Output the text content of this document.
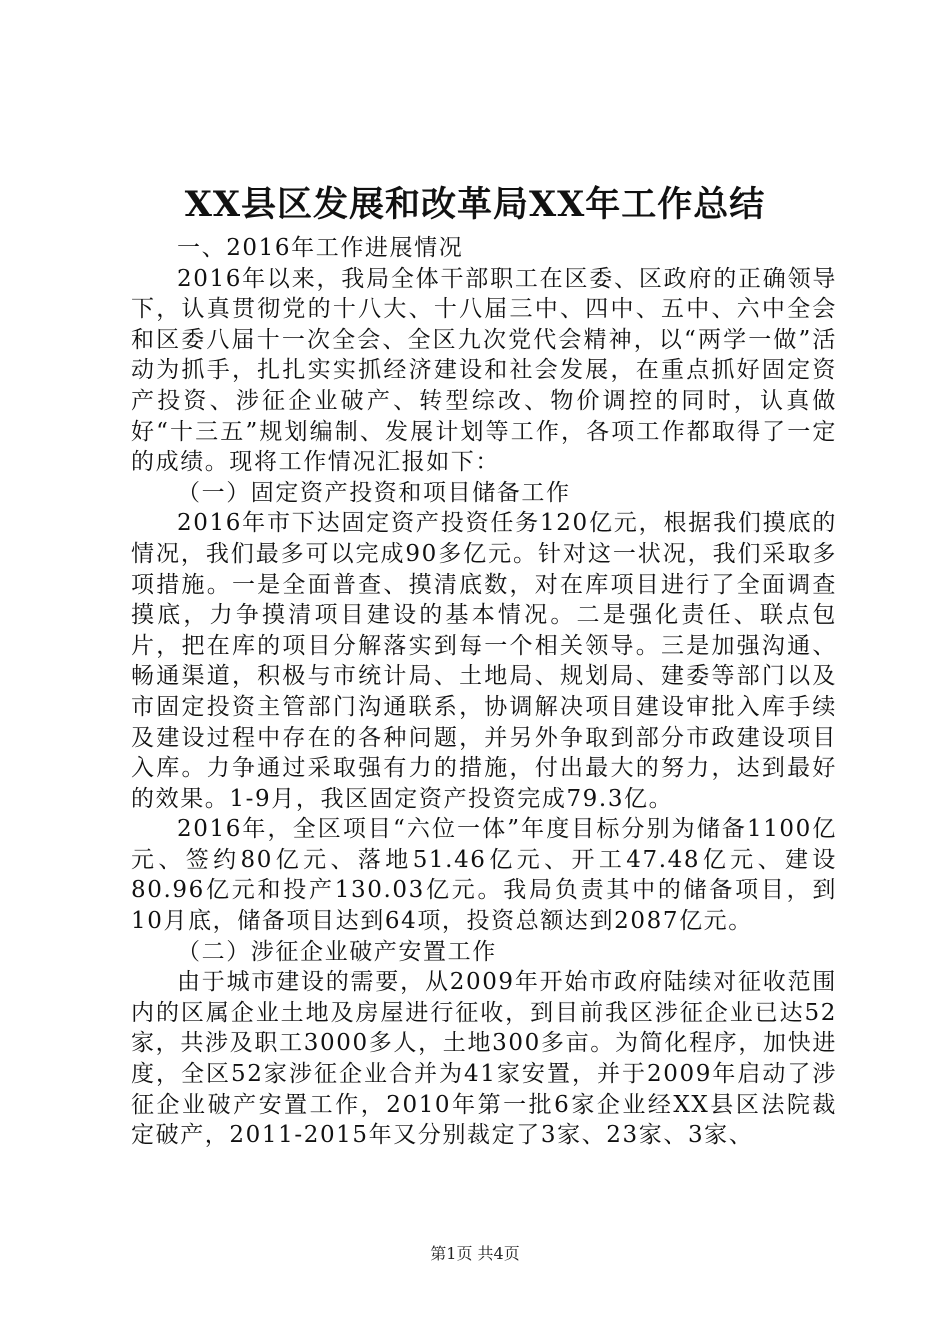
XX县区发展和改革局XX年工作总结

一、2016年工作进展情况

2016年以来，我局全体干部职工在区委、区政府的正确领导下，认真贯彻党的十八大、十八届三中、四中、五中、六中全会和区委八届十一次全会、全区九次党代会精神，以“两学一做”活动为抓手，扎扎实实抓经济建设和社会发展，在重点抓好固定资产投资、涉征企业破产、转型综改、物价调控的同时，认真做好“十三五”规划编制、发展计划等工作，各项工作都取得了一定的成绩。现将工作情况汇报如下：

（一）固定资产投资和项目储备工作

2016年市下达固定资产投资任务120亿元，根据我们摸底的情况，我们最多可以完成90多亿元。针对这一状况，我们采取多项措施。一是全面普查、摸清底数，对在库项目进行了全面调查摸底，力争摸清项目建设的基本情况。二是强化责任、联点包片，把在库的项目分解落实到每一个相关领导。三是加强沟通、畅通渠道，积极与市统计局、土地局、规划局、建委等部门以及市固定投资主管部门沟通联系，协调解决项目建设审批入库手续及建设过程中存在的各种问题，并另外争取到部分市政建设项目入库。力争通过采取强有力的措施，付出最大的努力，达到最好的效果。1-9月，我区固定资产投资完成79.3亿。

2016年，全区项目“六位一体”年度目标分别为储备1100亿元、签约80亿元、落地51.46亿元、开工47.48亿元、建设80.96亿元和投产130.03亿元。我局负责其中的储备项目，到10月底，储备项目达到64项，投资总额达到2087亿元。

（二）涉征企业破产安置工作

由于城市建设的需要，从2009年开始市政府陆续对征收范围内的区属企业土地及房屋进行征收，到目前我区涉征企业已达52家，共涉及职工3000多人，土地300多亩。为简化程序，加快进度，全区52家涉征企业合并为41家安置，并于2009年启动了涉征企业破产安置工作，2010年第一批6家企业经XX县区法院裁定破产，2011-2015年又分别裁定了3家、23家、3家、

第1页 共4页
